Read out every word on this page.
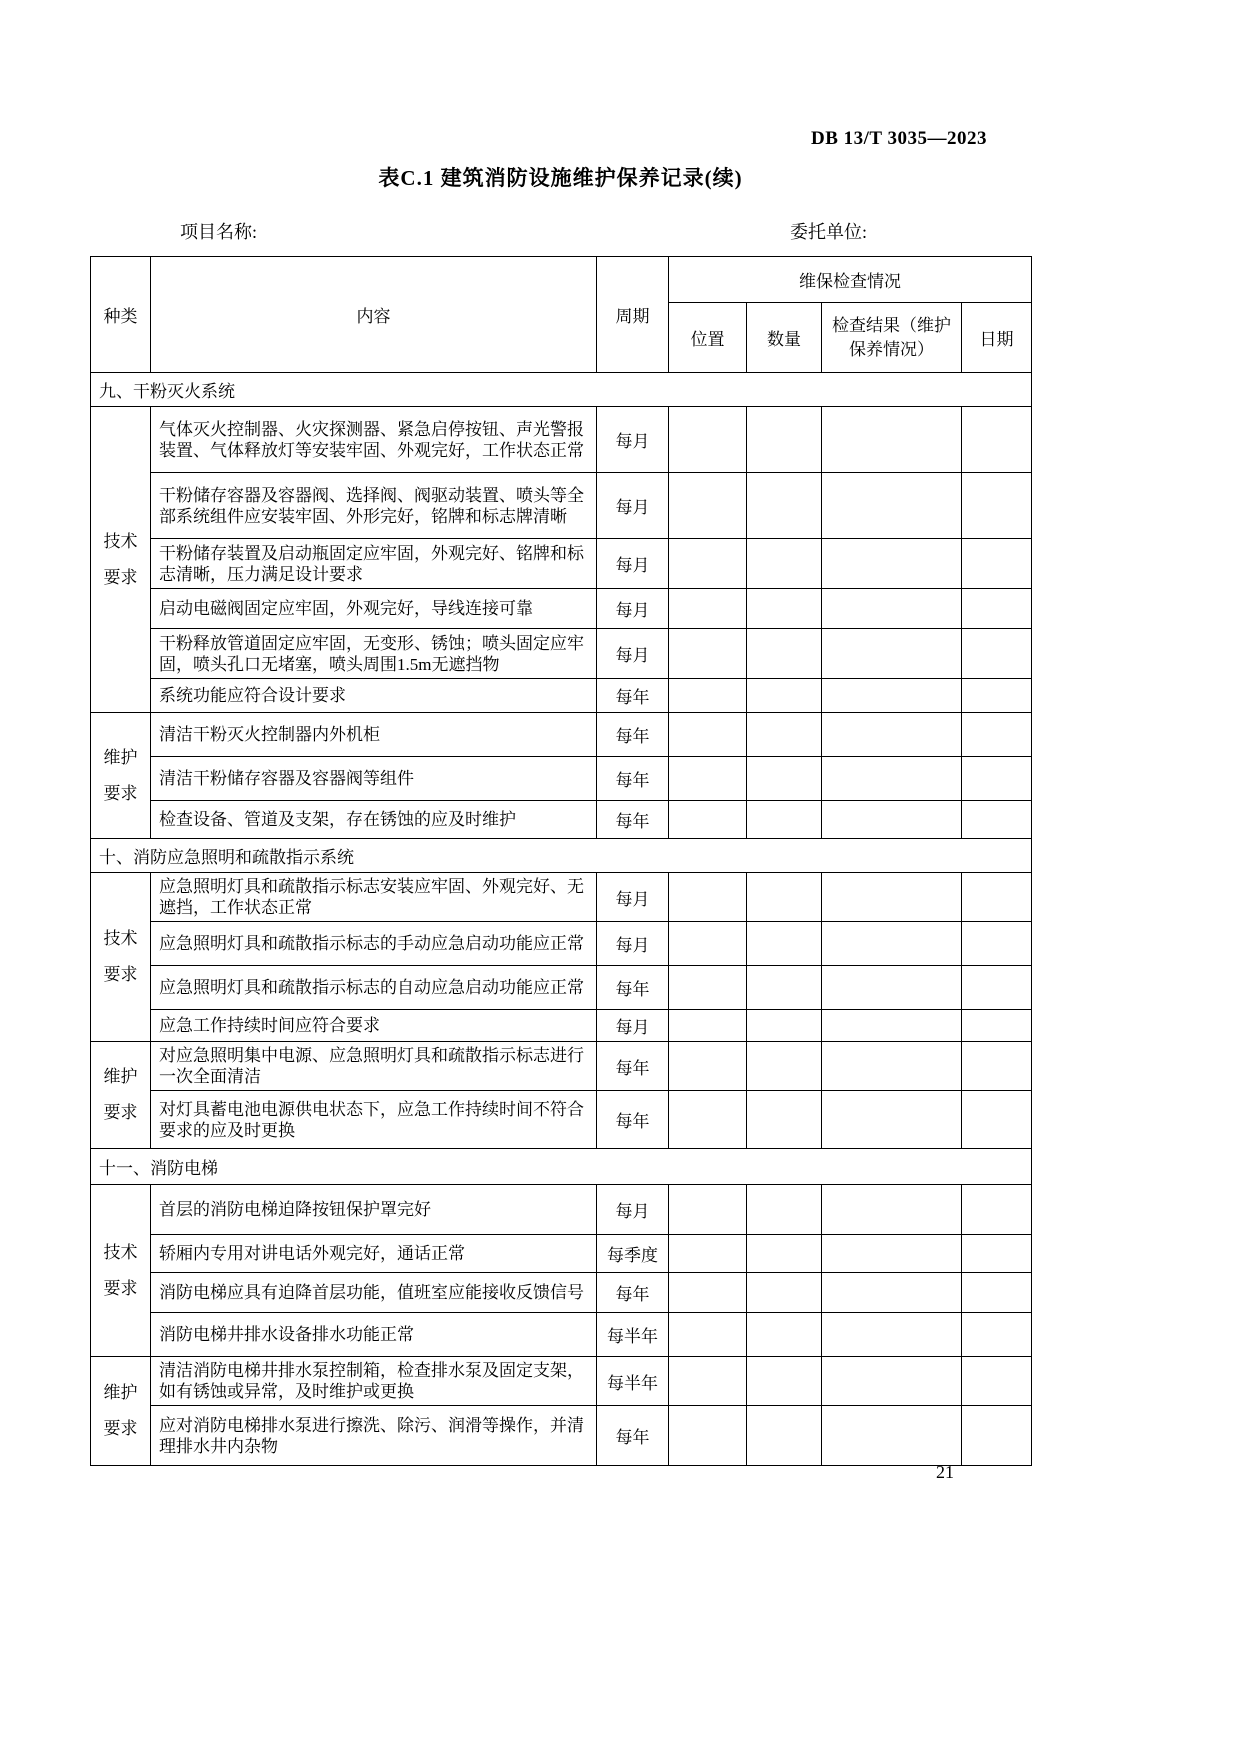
DB 13/T 3035—2023
表C.1 建筑消防设施维护保养记录(续)
项目名称:	委托单位:
种类	内容	周期	维保检查情况			
			位置	数量	检查结果（维护保养情况）	日期
九、干粉灭火系统						
技术要求	气体灭火控制器、火灾探测器、紧急启停按钮、声光警报装置、气体释放灯等安装牢固、外观完好，工作状态正常	每月				
	干粉储存容器及容器阀、选择阀、阀驱动装置、喷头等全部系统组件应安装牢固、外形完好，铭牌和标志牌清晰	每月				
	干粉储存装置及启动瓶固定应牢固，外观完好、铭牌和标志清晰，压力满足设计要求	每月				
	启动电磁阀固定应牢固，外观完好，导线连接可靠	每月				
	干粉释放管道固定应牢固，无变形、锈蚀；喷头固定应牢固，喷头孔口无堵塞，喷头周围1.5m无遮挡物	每月				
	系统功能应符合设计要求	每年				
维护要求	清洁干粉灭火控制器内外机柜	每年				
	清洁干粉储存容器及容器阀等组件	每年				
	检查设备、管道及支架，存在锈蚀的应及时维护	每年				
十、消防应急照明和疏散指示系统						
技术要求	应急照明灯具和疏散指示标志安装应牢固、外观完好、无遮挡，工作状态正常	每月				
	应急照明灯具和疏散指示标志的手动应急启动功能应正常	每月				
	应急照明灯具和疏散指示标志的自动应急启动功能应正常	每年				
	应急工作持续时间应符合要求	每月				
维护要求	对应急照明集中电源、应急照明灯具和疏散指示标志进行一次全面清洁	每年				
	对灯具蓄电池电源供电状态下，应急工作持续时间不符合要求的应及时更换	每年				
十一、消防电梯						
技术要求	首层的消防电梯迫降按钮保护罩完好	每月				
	轿厢内专用对讲电话外观完好，通话正常	每季度				
	消防电梯应具有迫降首层功能，值班室应能接收反馈信号	每年				
	消防电梯井排水设备排水功能正常	每半年				
维护要求	清洁消防电梯井排水泵控制箱，检查排水泵及固定支架，如有锈蚀或异常，及时维护或更换	每半年				
	应对消防电梯排水泵进行擦洗、除污、润滑等操作，并清理排水井内杂物	每年				
21
